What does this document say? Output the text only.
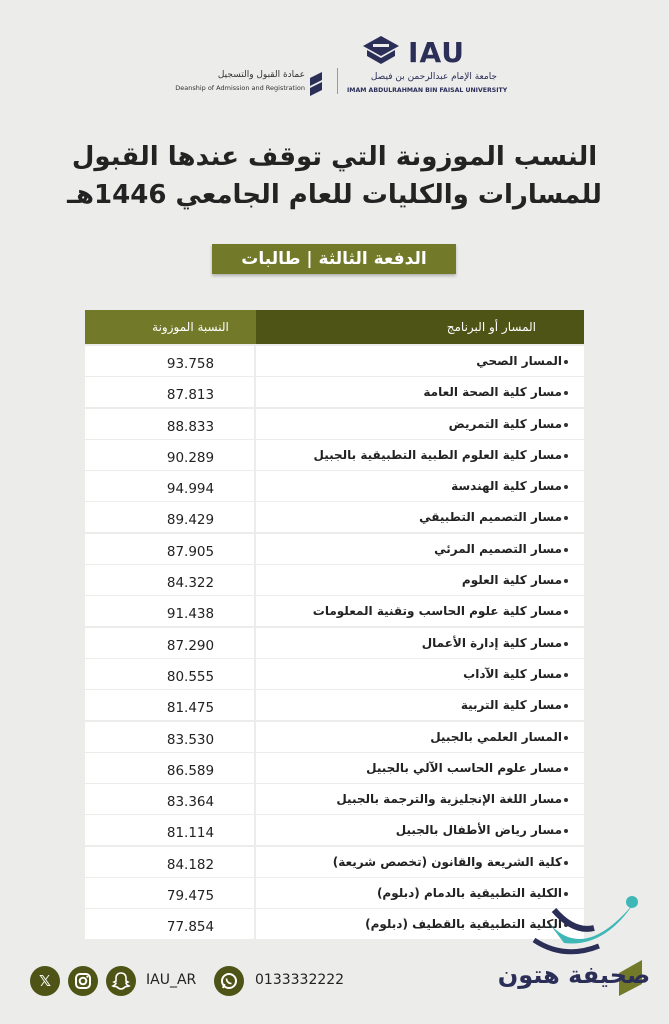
IAU
جامعة الإمام عبدالرحمن بن فيصل
IMAM ABDULRAHMAN BIN FAISAL UNIVERSITY
عمادة القبول والتسجيل
Deanship of Admission and Registration
النسب الموزونة التي توقف عندها القبول
للمسارات والكليات للعام الجامعي 1446هـ
الدفعة الثالثة | طالبات
المسار أو البرنامج
النسبة الموزونة
93.758	المسار الصحي
87.813	مسار كلية الصحة العامة
88.833	مسار كلية التمريض
90.289	مسار كلية العلوم الطبية التطبيقية بالجبيل
94.994	مسار كلية الهندسة
89.429	مسار التصميم التطبيقي
87.905	مسار التصميم المرئي
84.322	مسار كلية العلوم
91.438	مسار كلية علوم الحاسب وتقنية المعلومات
87.290	مسار كلية إدارة الأعمال
80.555	مسار كلية الآداب
81.475	مسار كلية التربية
83.530	المسار العلمي بالجبيل
86.589	مسار علوم الحاسب الآلي بالجبيل
83.364	مسار اللغة الإنجليزية والترجمة بالجبيل
81.114	مسار رياض الأطفال بالجبيل
84.182	كلية الشريعة والقانون (تخصص شريعة)
79.475	الكلية التطبيقية بالدمام (دبلوم)
77.854	الكلية التطبيقية بالقطيف (دبلوم)
𝕏	IAU_AR	0133332222	صحيفة هتون
